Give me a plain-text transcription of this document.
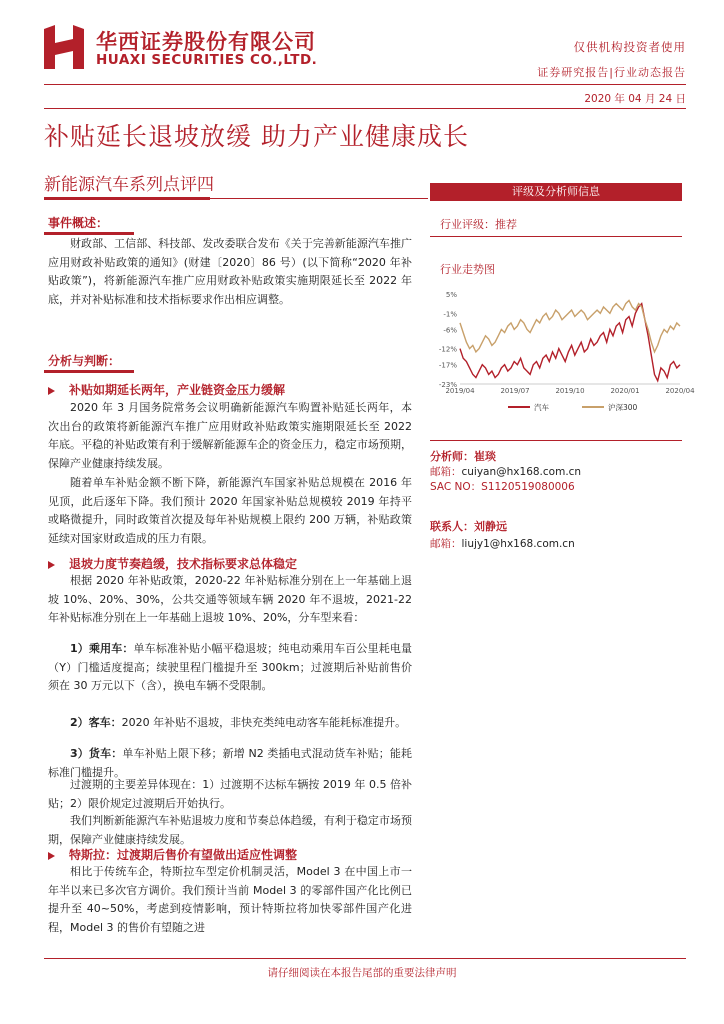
华西证券股份有限公司
HUAXI SECURITIES CO.,LTD.
仅供机构投资者使用
证券研究报告|行业动态报告
2020 年 04 月 24 日
补贴延长退坡放缓 助力产业健康成长
新能源汽车系列点评四
事件概述：

财政部、工信部、科技部、发改委联合发布《关于完善新能源汽车推广应用财政补贴政策的通知》(财建〔2020〕86 号）(以下简称“2020 年补贴政策”)，将新能源汽车推广应用财政补贴政策实施期限延长至 2022 年底，并对补贴标准和技术指标要求作出相应调整。

分析与判断：
补贴如期延长两年，产业链资金压力缓解

2020 年 3 月国务院常务会议明确新能源汽车购置补贴延长两年，本次出台的政策将新能源汽车推广应用财政补贴政策实施期限延长至 2022 年底。平稳的补贴政策有利于缓解新能源车企的资金压力，稳定市场预期，保障产业健康持续发展。

随着单车补贴金额不断下降，新能源汽车国家补贴总规模在 2016 年见顶，此后逐年下降。我们预计 2020 年国家补贴总规模较 2019 年持平或略微提升，同时政策首次提及每年补贴规模上限约 200 万辆，补贴政策延续对国家财政造成的压力有限。

退坡力度节奏趋缓，技术指标要求总体稳定

根据 2020 年补贴政策，2020-22 年补贴标准分别在上一年基础上退坡 10%、20%、30%，公共交通等领域车辆 2020 年不退坡，2021-22 年补贴标准分别在上一年基础上退坡 10%、20%，分车型来看：

1）乘用车：单车标准补贴小幅平稳退坡；纯电动乘用车百公里耗电量（Y）门槛适度提高；续驶里程门槛提升至 300km；过渡期后补贴前售价须在 30 万元以下（含），换电车辆不受限制。

2）客车：2020 年补贴不退坡，非快充类纯电动客车能耗标准提升。

3）货车：单车补贴上限下移；新增 N2 类插电式混动货车补贴；能耗标准门槛提升。

过渡期的主要差异体现在：1）过渡期不达标车辆按 2019 年 0.5 倍补贴；2）限价规定过渡期后开始执行。

我们判断新能源汽车补贴退坡力度和节奏总体趋缓，有利于稳定市场预期，保障产业健康持续发展。

特斯拉：过渡期后售价有望做出适应性调整

相比于传统车企，特斯拉车型定价机制灵活，Model 3 在中国上市一年半以来已多次官方调价。我们预计当前 Model 3 的零部件国产化比例已提升至 40~50%，考虑到疫情影响，预计特斯拉将加快零部件国产化进程，Model 3 的售价有望随之进

评级及分析师信息
行业评级：推荐
行业走势图
5%
-1%
-6%
-12%
-17%
-23%
2019/04	2019/07	2019/10	2020/01	2020/04
汽车	沪深300
分析师：崔琰
邮箱：cuiyan@hx168.com.cn
SAC NO：S1120519080006
联系人：刘静远
邮箱：liujy1@hx168.com.cn
请仔细阅读在本报告尾部的重要法律声明
